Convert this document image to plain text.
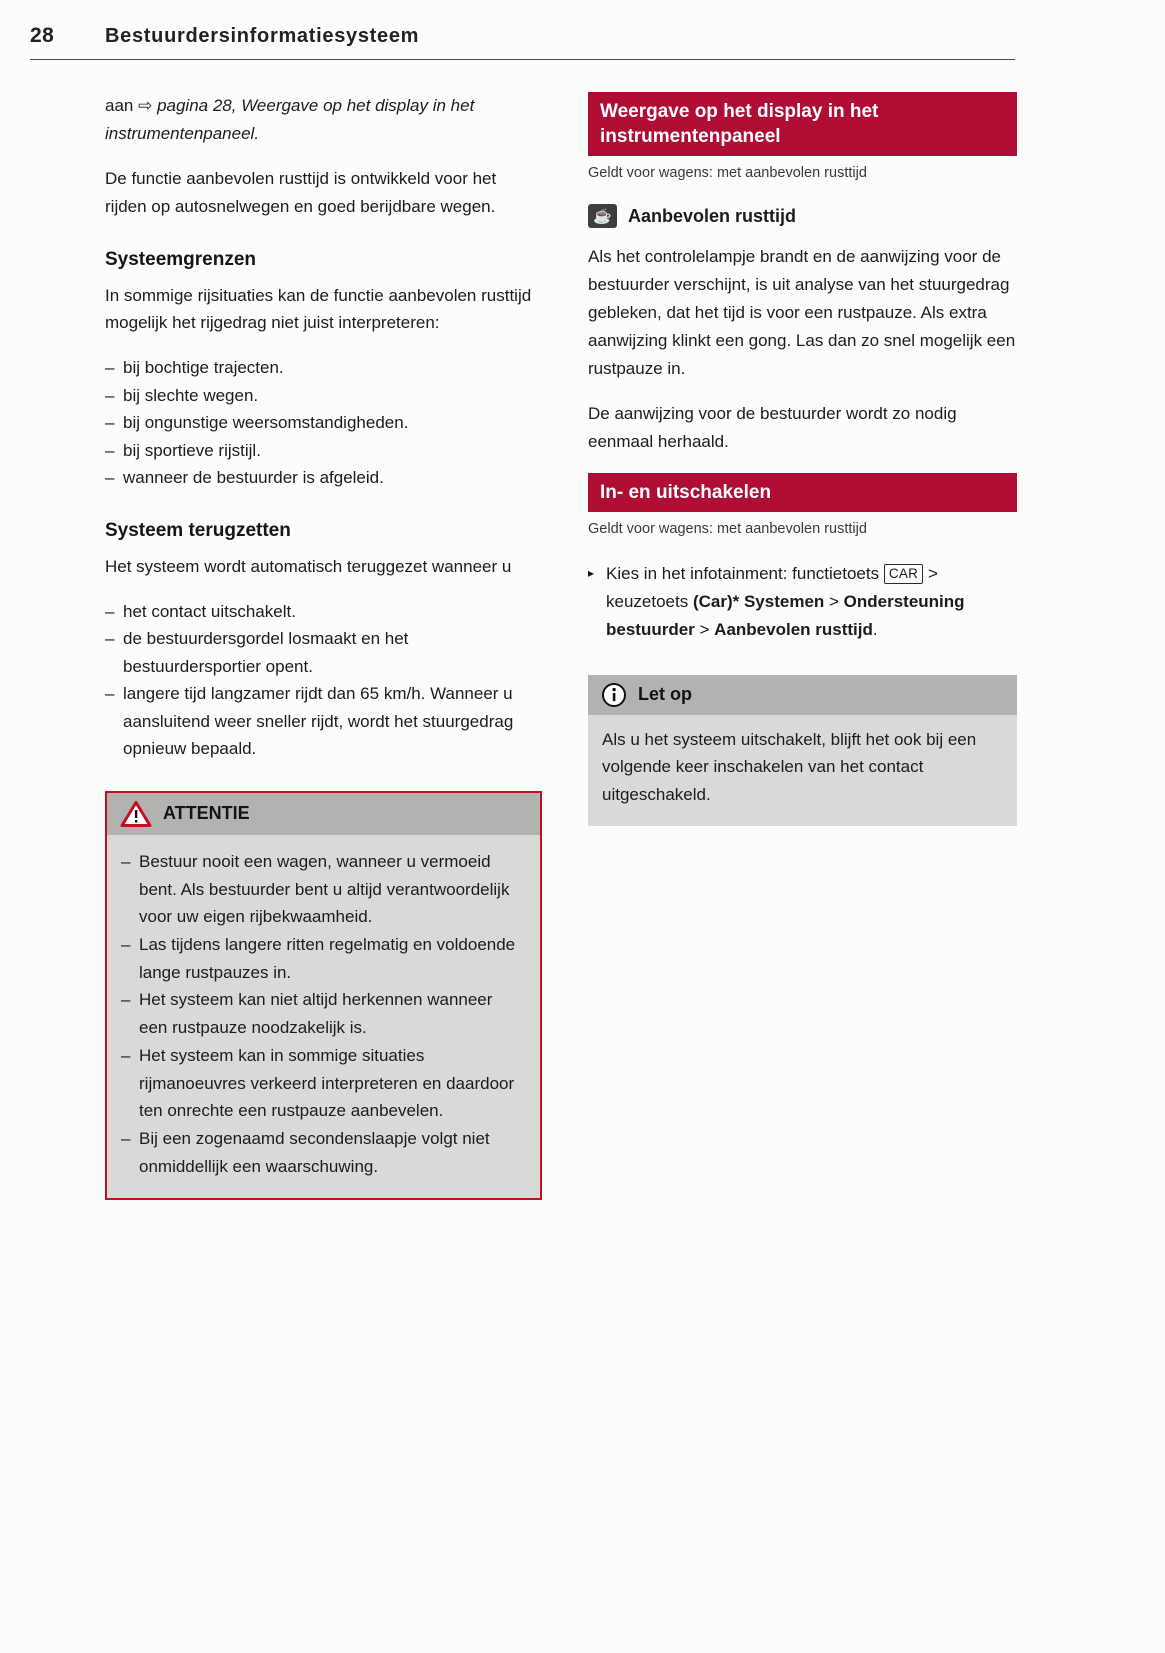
28	Bestuurdersinformatiesysteem

aan ⇨ pagina 28, Weergave op het display in het instrumentenpaneel.

De functie aanbevolen rusttijd is ontwikkeld voor het rijden op autosnelwegen en goed berijdbare wegen.

Systeemgrenzen

In sommige rijsituaties kan de functie aanbevolen rusttijd mogelijk het rijgedrag niet juist interpreteren:

– bij bochtige trajecten.
– bij slechte wegen.
– bij ongunstige weersomstandigheden.
– bij sportieve rijstijl.
– wanneer de bestuurder is afgeleid.
Systeem terugzetten

Het systeem wordt automatisch teruggezet wanneer u

– het contact uitschakelt.
– de bestuurdersgordel losmaakt en het bestuurdersportier opent.
– langere tijd langzamer rijdt dan 65 km/h. Wanneer u aansluitend weer sneller rijdt, wordt het stuurgedrag opnieuw bepaald.
ATTENTIE
– Bestuur nooit een wagen, wanneer u vermoeid bent. Als bestuurder bent u altijd verantwoordelijk voor uw eigen rijbekwaamheid.
– Las tijdens langere ritten regelmatig en voldoende lange rustpauzes in.
– Het systeem kan niet altijd herkennen wanneer een rustpauze noodzakelijk is.
– Het systeem kan in sommige situaties rijmanoeuvres verkeerd interpreteren en daardoor ten onrechte een rustpauze aanbevelen.
– Bij een zogenaamd secondenslaapje volgt niet onmiddellijk een waarschuwing.
Weergave op het display in het instrumentenpaneel
Geldt voor wagens: met aanbevolen rusttijd
☕ Aanbevolen rusttijd

Als het controlelampje brandt en de aanwijzing voor de bestuurder verschijnt, is uit analyse van het stuurgedrag gebleken, dat het tijd is voor een rustpauze. Als extra aanwijzing klinkt een gong. Las dan zo snel mogelijk een rustpauze in.

De aanwijzing voor de bestuurder wordt zo nodig eenmaal herhaald.

In- en uitschakelen
Geldt voor wagens: met aanbevolen rusttijd
▸ Kies in het infotainment: functietoets CAR > keuzetoets (Car)* Systemen > Ondersteuning bestuurder > Aanbevolen rusttijd.
Let op
Als u het systeem uitschakelt, blijft het ook bij een volgende keer inschakelen van het contact uitgeschakeld.
